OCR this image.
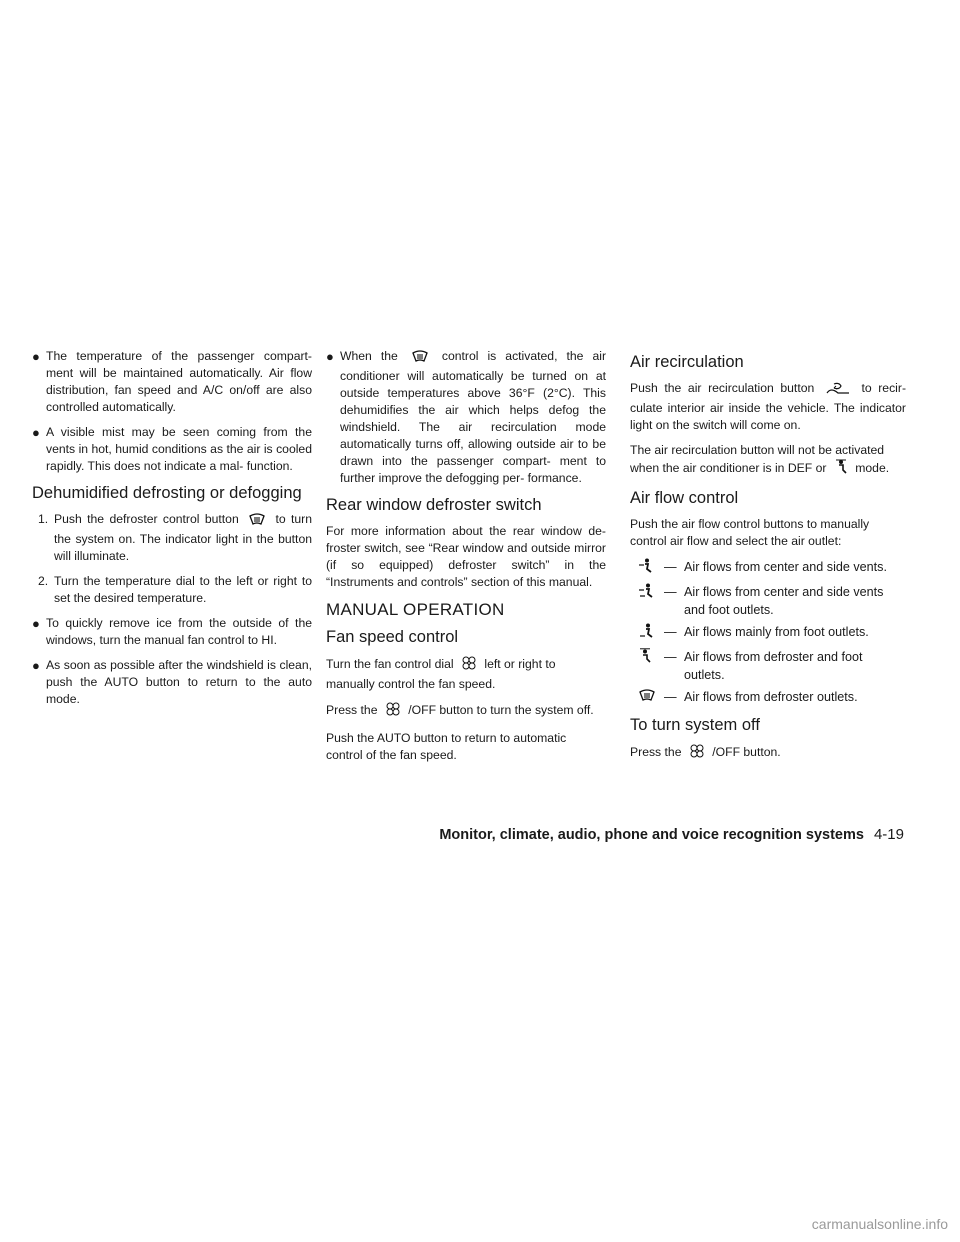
● The temperature of the passenger compart- ment will be maintained automatically. Air flow distribution, fan speed and A/C on/off are also controlled automatically.
● A visible mist may be seen coming from the vents in hot, humid conditions as the air is cooled rapidly. This does not indicate a mal- function.
Dehumidified defrosting or defogging
1. Push the defroster control button	to turn the system on. The indicator light in the button will illuminate.
2. Turn the temperature dial to the left or right to set the desired temperature.
● To quickly remove ice from the outside of the windows, turn the manual fan control to HI.
● As soon as possible after the windshield is clean, push the AUTO button to return to the auto mode.
● When the	control is activated, the air conditioner will automatically be turned on at outside temperatures above 36°F (2°C). This dehumidifies the air which helps defog the windshield. The air recirculation mode automatically turns off, allowing outside air to be drawn into the passenger compart- ment to further improve the defogging per- formance.
Rear window defroster switch

For more information about the rear window de- froster switch, see “Rear window and outside mirror (if so equipped) defroster switch” in the “Instruments and controls” section of this manual.

MANUAL OPERATION
Fan speed control

Turn the fan control dial	left or right to manually control the fan speed.

Press the	/OFF button to turn the system off.

Push the AUTO button to return to automatic control of the fan speed.

Air recirculation

Push the air recirculation button	to recir- culate interior air inside the vehicle. The indicator light on the switch will come on.

The air recirculation button will not be activated when the air conditioner is in DEF or mode.

Air flow control

Push the air flow control buttons to manually control air flow and select the air outlet:

— Air flows from center and side vents.
— Air flows from center and side vents and foot outlets.
— Air flows mainly from foot outlets.
— Air flows from defroster and foot outlets.
— Air flows from defroster outlets.
To turn system off

Press the	/OFF button.

Monitor, climate, audio, phone and voice recognition systems 4-19
carmanualsonline.info
